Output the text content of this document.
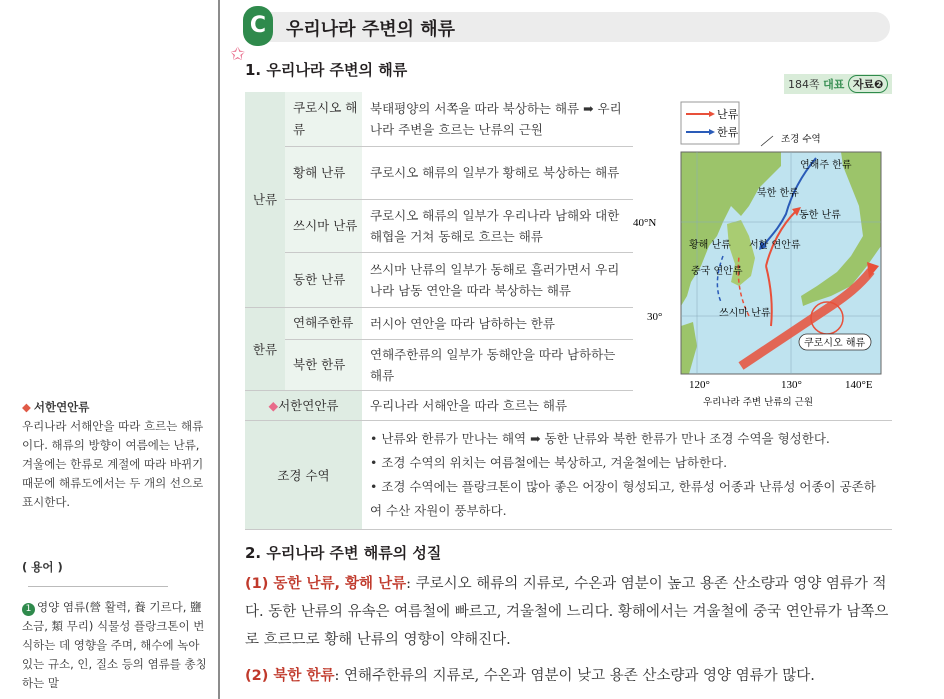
◆ 서한연안류
우리나라 서해안을 따라 흐르는 해류이다. 해류의 방향이 여름에는 난류, 겨울에는 한류로 계절에 따라 바뀌기 때문에 해류도에서는 두 개의 선으로 표시한다.
( 용어 )
1 영양 염류(營 활력, 養 기르다, 鹽 소금, 類 무리) 식물성 플랑크톤이 번식하는 데 영향을 주며, 해수에 녹아 있는 규소, 인, 질소 등의 염류를 총칭하는 말
C	우리나라 주변의 해류
✩
1. 우리나라 주변의 해류
184쪽 대표 자료❷
난류	쿠로시오 해류	북태평양의 서쪽을 따라 북상하는 해류 ➡ 우리나라 주변을 흐르는 난류의 근원	
	황해 난류	쿠로시오 해류의 일부가 황해로 북상하는 해류	
	쓰시마 난류	쿠로시오 해류의 일부가 우리나라 남해와 대한 해협을 거쳐 동해로 흐르는 해류	
	동한 난류	쓰시마 난류의 일부가 동해로 흘러가면서 우리나라 남동 연안을 따라 북상하는 해류	
한류	연해주한류	러시아 연안을 따라 남하하는 한류	
	북한 한류	연해주한류의 일부가 동해안을 따라 남하하는 해류	
◆서한연안류		우리나라 서해안을 따라 흐르는 해류	
조경 수역		• 난류와 한류가 만나는 해역 ➡ 동한 난류와 북한 한류가 만나 조경 수역을 형성한다.
• 조경 수역의 위치는 여름철에는 북상하고, 겨울철에는 남하한다.
• 조경 수역에는 플랑크톤이 많아 좋은 어장이 형성되고, 한류성 어종과 난류성 어종이 공존하여 수산 자원이 풍부하다.	
난류
한류
조경 수역
연해주 한류
북한 한류
동한 난류
황해 난류 서한 연안류
중국 연안류
쓰시마 난류
쿠로시오 해류
40°N
30°
120°	130°	140°E
우리나라 주변 난류의 근원
2. 우리나라 주변 해류의 성질
(1) 동한 난류, 황해 난류: 쿠로시오 해류의 지류로, 수온과 염분이 높고 용존 산소량과 영양 염류가 적다. 동한 난류의 유속은 여름철에 빠르고, 겨울철에 느리다. 황해에서는 겨울철에 중국 연안류가 남쪽으로 흐르므로 황해 난류의 영향이 약해진다.
(2) 북한 한류: 연해주한류의 지류로, 수온과 염분이 낮고 용존 산소량과 영양 염류가 많다.
